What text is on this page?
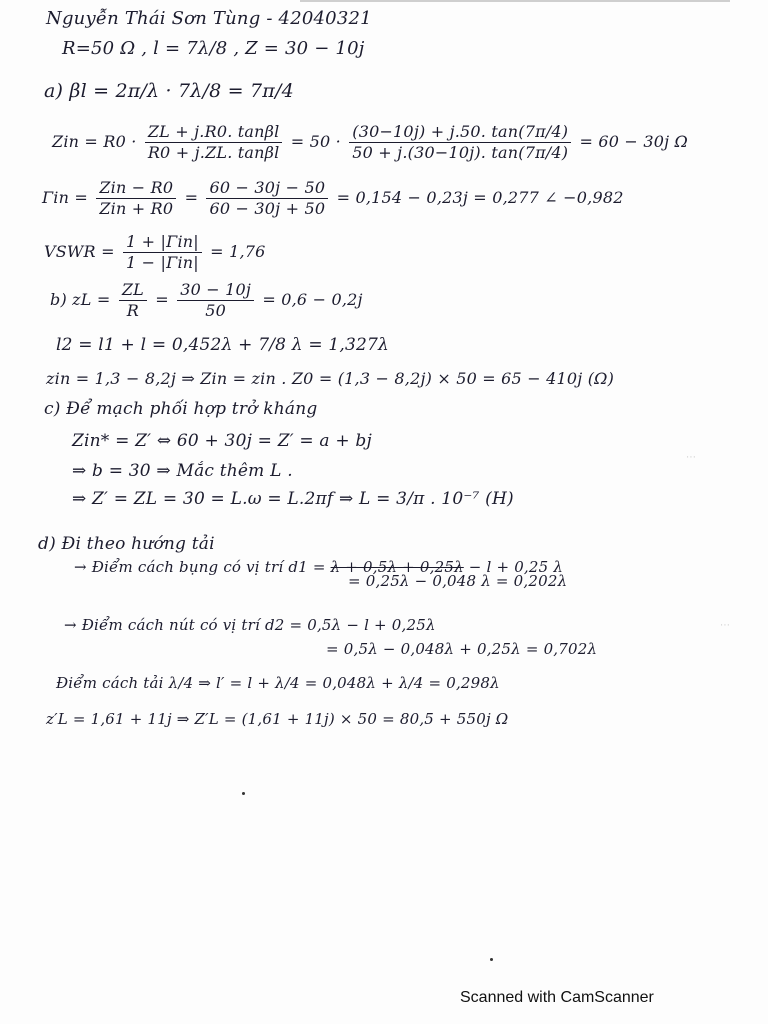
Nguyễn Thái Sơn Tùng - 42040321
R=50 Ω , l = 7λ/8 , Z = 30 − 10j
a) βl = 2π/λ · 7λ/8 = 7π/4
Zin = $R0 \cdot \frac{ZL + j.R0. \tan\beta l}{R0 + j.ZL. \tan\beta l} = 50 \cdot \frac{(30-10j) + j.50. \tan(7\pi/4)}{50 + j.(30-10j). \tan(7\pi/4)} = 60 - 30j$ Ω
$\Gamma in = \frac{\text{Zin − R0}}{\text{Zin + R0}} = \frac{60 - 30j - 50}{60 - 30j + 50} = 0,154 - 0,23j = 0,277$ ∠ −0,982
VSWR = $\frac{\text{1 + |Γin|}}{\text{1 − |Γin|}} = 1,76$
b) zL = $\frac{ZL}{R} = \frac{30 - 10j}{50} = 0,6 - 0,2j$
l2 = l1 + l = 0,452λ + 7/8 λ = 1,327λ
zin = 1,3 − 8,2j ⇒ Zin = zin . Z0 = (1,3 − 8,2j) × 50 = 65 − 410j (Ω)
c) Để mạch phối hợp trở kháng
Zin* = Z′ ⇔ 60 + 30j = Z′ = a + bj
⇒ b = 30 ⇒ Mắc thêm L .
⇒ Z′ = ZL = 30 = L.ω = L.2πf ⇒ L = 3/π . 10⁻⁷ (H)
d) Đi theo hướng tải
→ Điểm cách bụng có vị trí d1 = λ + 0,5λ + 0,25λ − l + 0,25 λ
= 0,25λ − 0,048 λ = 0,202λ
→ Điểm cách nút có vị trí d2 = 0,5λ − l + 0,25λ
= 0,5λ − 0,048λ + 0,25λ = 0,702λ
Điểm cách tải λ/4 ⇒ l′ = l + λ/4 = 0,048λ + λ/4 = 0,298λ
z′L = 1,61 + 11j ⇒ Z′L = (1,61 + 11j) × 50 = 80,5 + 550j Ω
⋯
⋯
Scanned with CamScanner
